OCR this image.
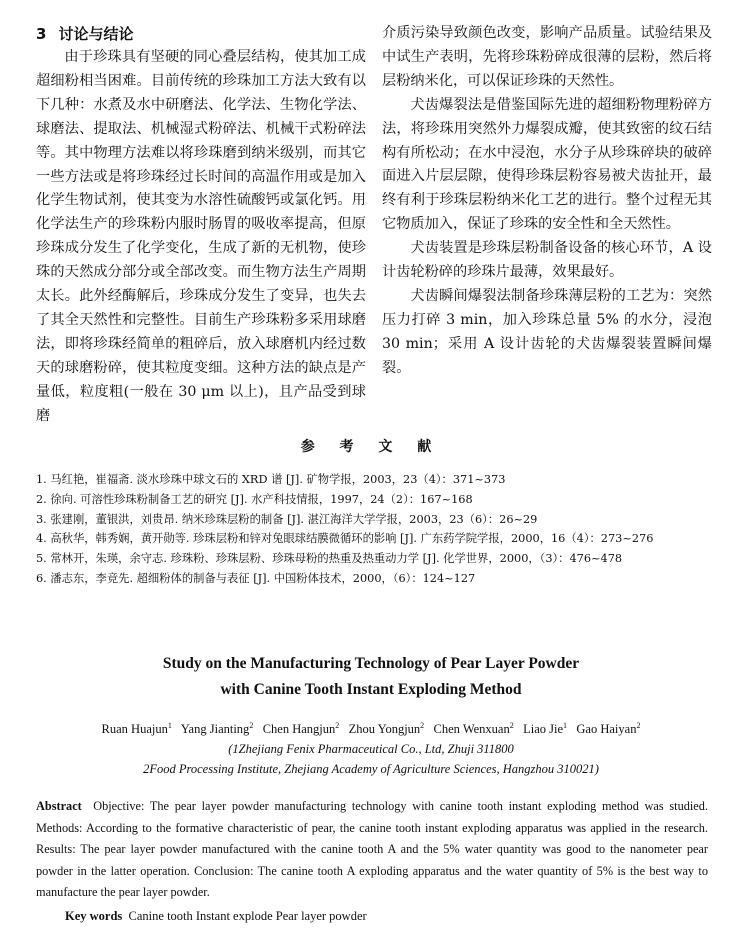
3 讨论与结论

由于珍珠具有坚硬的同心叠层结构，使其加工成超细粉相当困难。目前传统的珍珠加工方法大致有以下几种：水煮及水中研磨法、化学法、生物化学法、球磨法、提取法、机械湿式粉碎法、机械干式粉碎法等。其中物理方法难以将珍珠磨到纳米级别，而其它一些方法或是将珍珠经过长时间的高温作用或是加入化学生物试剂，使其变为水溶性硫酸钙或氯化钙。用化学法生产的珍珠粉内服时肠胃的吸收率提高，但原珍珠成分发生了化学变化，生成了新的无机物，使珍珠的天然成分部分或全部改变。而生物方法生产周期太长。此外经酶解后，珍珠成分发生了变异，也失去了其全天然性和完整性。目前生产珍珠粉多采用球磨法，即将珍珠经简单的粗碎后，放入球磨机内经过数天的球磨粉碎，使其粒度变细。这种方法的缺点是产量低，粒度粗(一般在 30 μm 以上)，且产品受到球磨

介质污染导致颜色改变，影响产品质量。试验结果及中试生产表明，先将珍珠粉碎成很薄的层粉，然后将层粉纳米化，可以保证珍珠的天然性。

犬齿爆裂法是借鉴国际先进的超细粉物理粉碎方法，将珍珠用突然外力爆裂成瓣，使其致密的纹石结构有所松动；在水中浸泡，水分子从珍珠碎块的破碎面进入片层层隙，使得珍珠层粉容易被犬齿扯开，最终有利于珍珠层粉纳米化工艺的进行。整个过程无其它物质加入，保证了珍珠的安全性和全天然性。

犬齿装置是珍珠层粉制备设备的核心环节，A 设计齿轮粉碎的珍珠片最薄，效果最好。

犬齿瞬间爆裂法制备珍珠薄层粉的工艺为：突然压力打碎 3 min，加入珍珠总量 5% 的水分，浸泡 30 min；采用 A 设计齿轮的犬齿爆裂装置瞬间爆裂。

参 考 文 献
1. 马红艳，崔福斋. 淡水珍珠中球文石的 XRD 谱 [J]. 矿物学报，2003，23（4）：371~373
2. 徐向. 可溶性珍珠粉制备工艺的研究 [J]. 水产科技情报，1997，24（2）：167~168
3. 张建刚，董银洪，刘贵昂. 纳米珍珠层粉的制备 [J]. 湛江海洋大学学报，2003，23（6）：26~29
4. 高秋华，韩秀娴，黄开勋等. 珍珠层粉和锌对兔眼球结膜微循环的影响 [J]. 广东药学院学报，2000，16（4）：273~276
5. 常林开，朱瑛，余守志. 珍珠粉、珍珠层粉、珍珠母粉的热重及热重动力学 [J]. 化学世界，2000，（3）：476~478
6. 潘志东，李竞先. 超细粉体的制备与表征 [J]. 中国粉体技术，2000，（6）：124~127
Study on the Manufacturing Technology of Pear Layer Powder
with Canine Tooth Instant Exploding Method
Ruan Huajun$^1$ Yang Jianting$^2$ Chen Hangjun$^2$ Zhou Yongjun$^2$ Chen Wenxuan$^2$ Liao Jie$^1$ Gao Haiyan$^2$
(1Zhejiang Fenix Pharmaceutical Co., Ltd, Zhuji 311800
2Food Processing Institute, Zhejiang Academy of Agriculture Sciences, Hangzhou 310021)
Abstract Objective: The pear layer powder manufacturing technology with canine tooth instant exploding method was studied. Methods: According to the formative characteristic of pear, the canine tooth instant exploding apparatus was applied in the research. Results: The pear layer powder manufactured with the canine tooth A and the 5% water quantity was good to the nanometer pear powder in the latter operation. Conclusion: The canine tooth A exploding apparatus and the water quantity of 5% is the best way to manufacture the pear layer powder.
Key words Canine tooth Instant explode Pear layer powder
